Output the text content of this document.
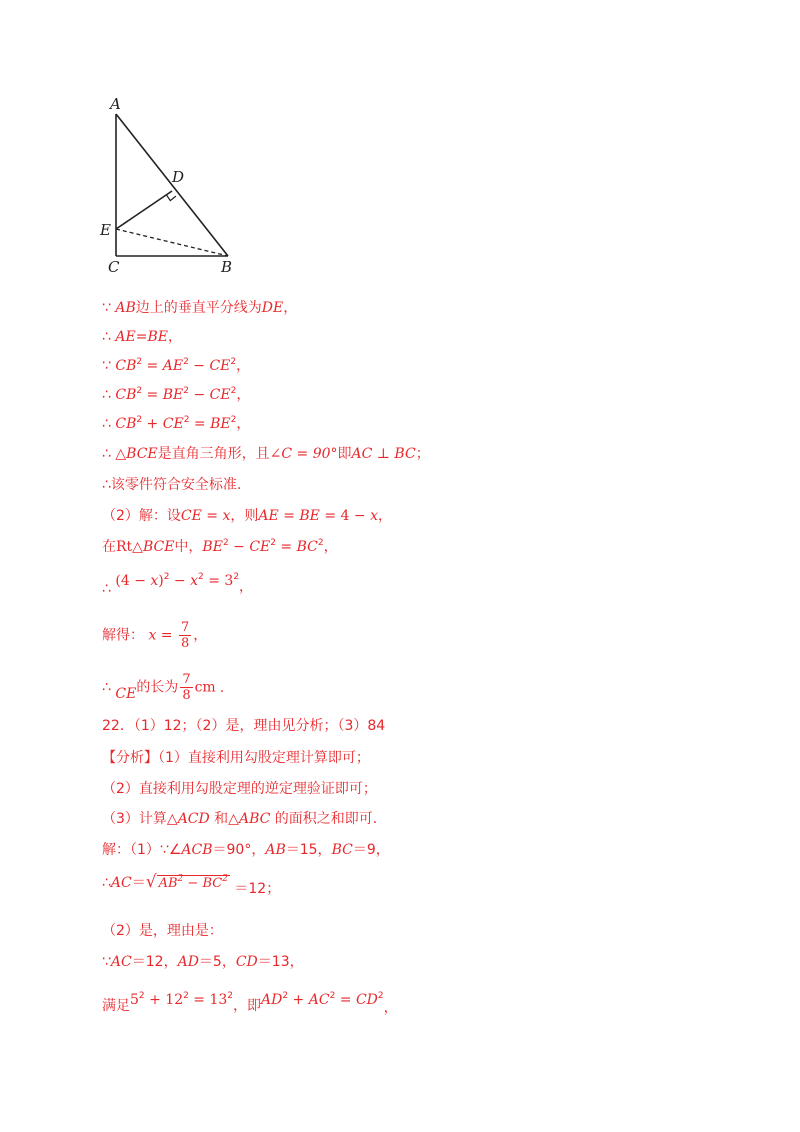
A
D
E
C	B
∵ AB边上的垂直平分线为DE，
∴ AE=BE，
∵ $CB^2 = AE^2 - CE^2$，
∴ $CB^2 = BE^2 - CE^2$，
∴ $CB^2 + CE^2 = BE^2$，
∴ △BCE是直角三角形，且∠C = 90°即AC ⊥ BC；
∴该零件符合安全标准.
（2）解：设CE = x，则AE = BE = 4 − x，
在Rt△BCE中，$BE^2 - CE^2 = BC^2$，
∴ $(4 - x)^2 - x^2 = 3^2$，
解得： $x = \frac{7}{8}$ ，
∴ CE的长为 $\frac{7}{8}$ cm .
22．（1）12；（2）是，理由见分析；（3）84
【分析】（1）直接利用勾股定理计算即可；
（2）直接利用勾股定理的逆定理验证即可；
（3）计算△ACD 和△ABC 的面积之和即可.
解：（1）∵∠ACB＝90°，AB＝15，BC＝9，
∴AC＝√ $AB^2 - BC^2 =12$；
（2）是，理由是：
∵AC＝12，AD＝5，CD＝13，
满足$5^2 + 12^2 = 13^2$，即$AD^2 + AC^2 = CD^2$，
